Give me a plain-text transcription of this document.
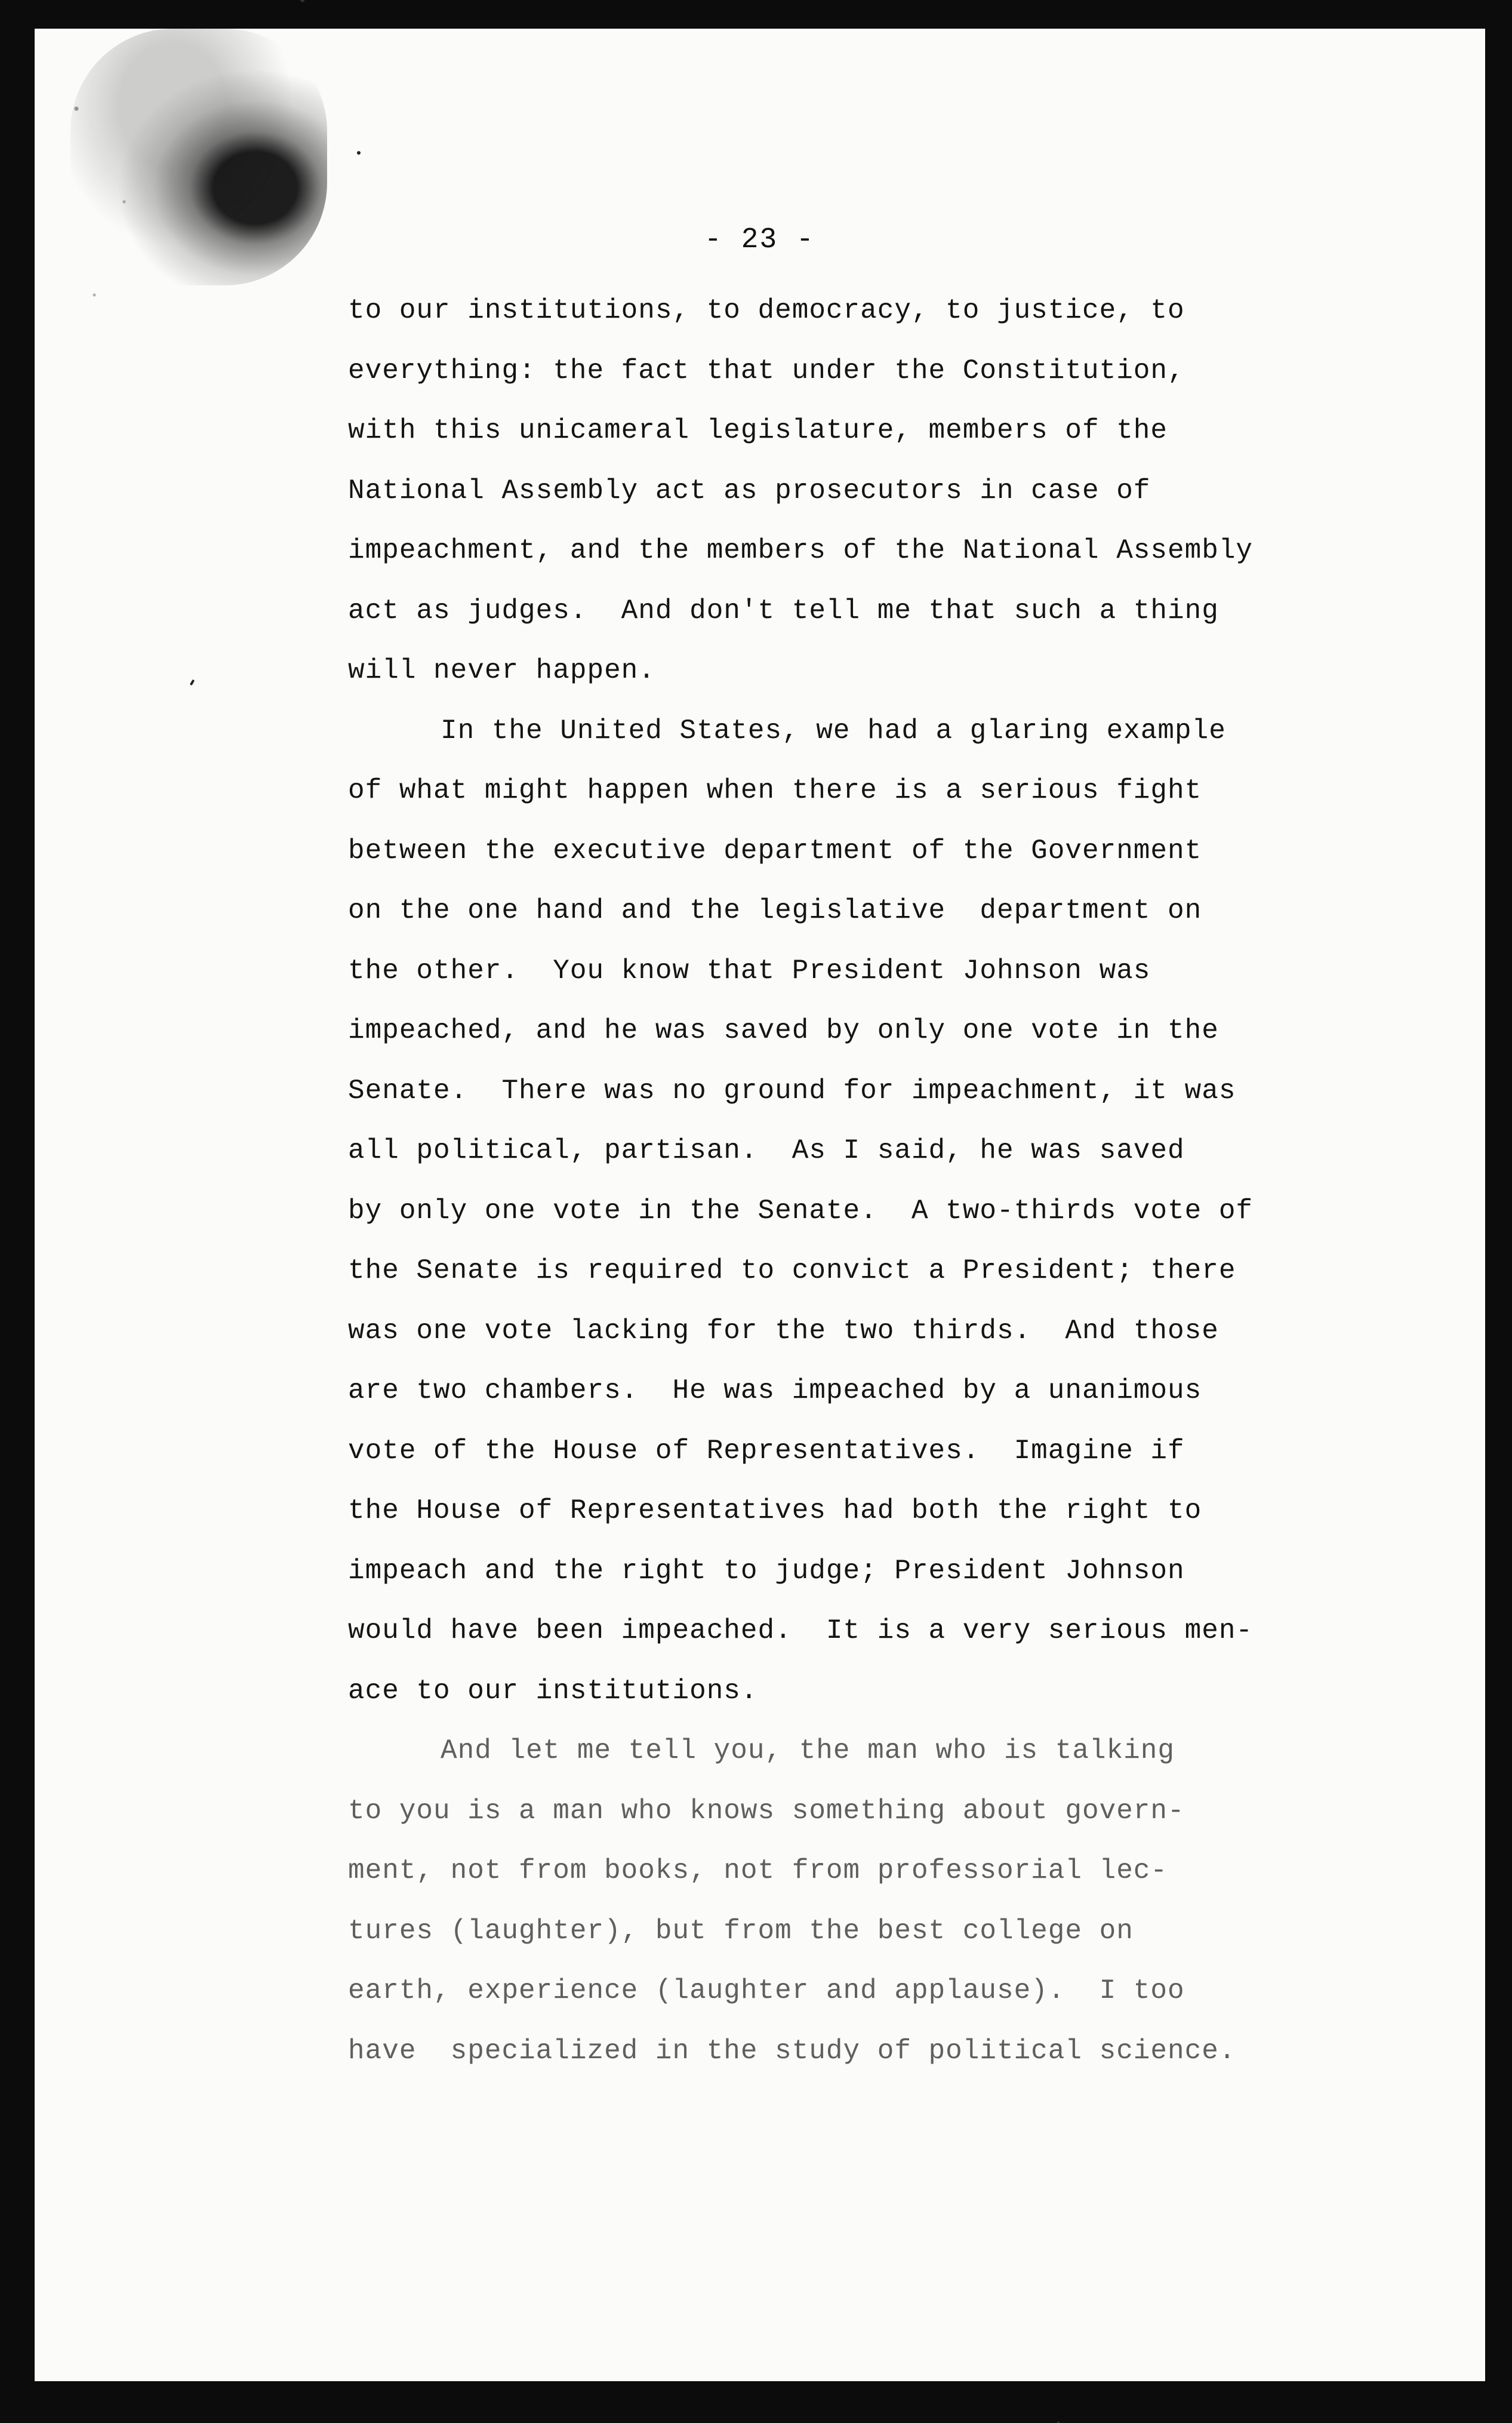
- 23 -
to our institutions, to democracy, to justice, to
everything: the fact that under the Constitution,
with this unicameral legislature, members of the
National Assembly act as prosecutors in case of
impeachment, and the members of the National Assembly
act as judges.  And don't tell me that such a thing
will never happen.
In the United States, we had a glaring example
of what might happen when there is a serious fight
between the executive department of the Government
on the one hand and the legislative  department on
the other.  You know that President Johnson was
impeached, and he was saved by only one vote in the
Senate.  There was no ground for impeachment, it was
all political, partisan.  As I said, he was saved
by only one vote in the Senate.  A two-thirds vote of
the Senate is required to convict a President; there
was one vote lacking for the two thirds.  And those
are two chambers.  He was impeached by a unanimous
vote of the House of Representatives.  Imagine if
the House of Representatives had both the right to
impeach and the right to judge; President Johnson
would have been impeached.  It is a very serious men-
ace to our institutions.
And let me tell you, the man who is talking
to you is a man who knows something about govern-
ment, not from books, not from professorial lec-
tures (laughter), but from the best college on
earth, experience (laughter and applause).  I too
have  specialized in the study of political science.
